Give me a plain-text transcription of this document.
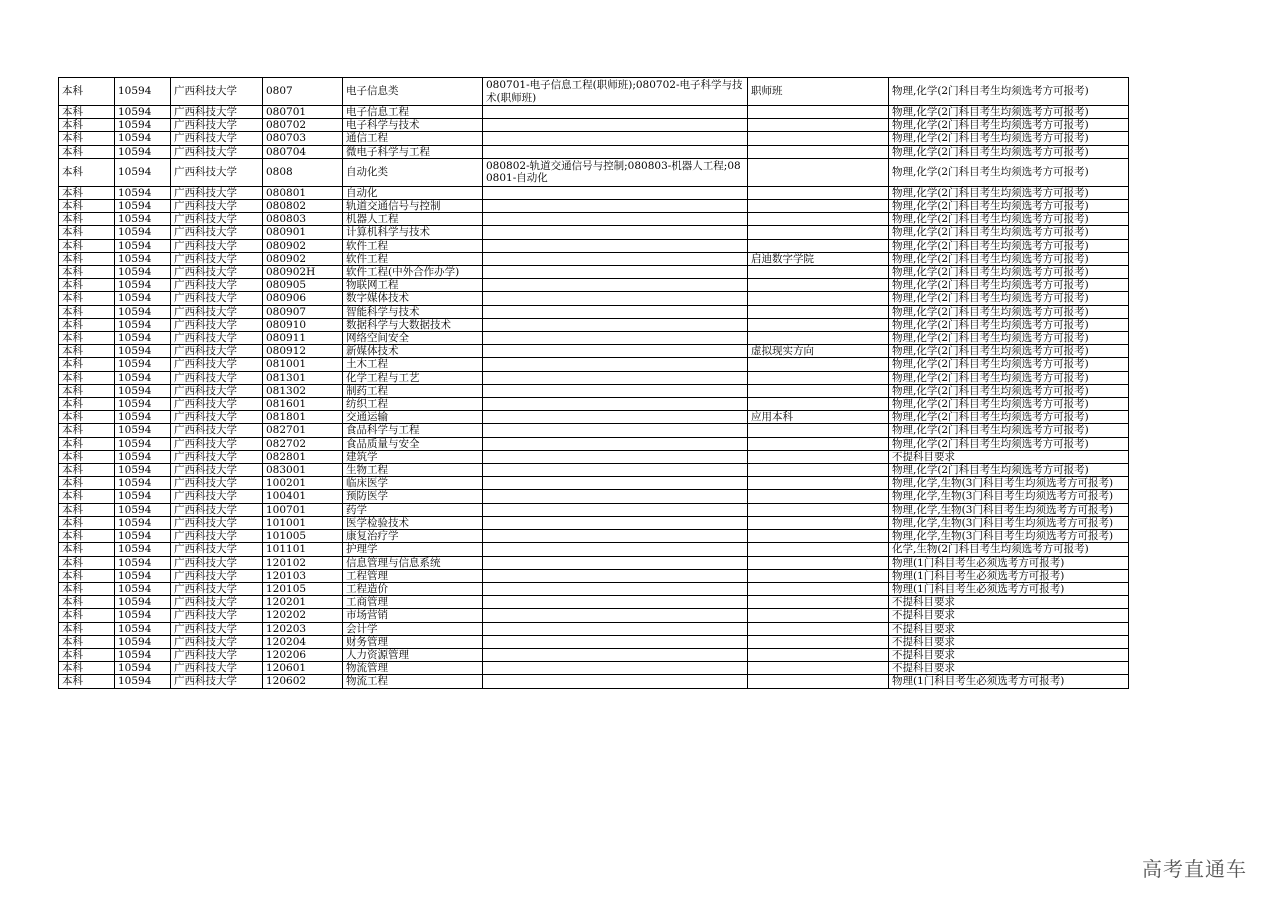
本科	10594	广西科技大学	0807	电子信息类	080701-电子信息工程(职师班);080702-电子科学与技术(职师班)	职师班	物理,化学(2门科目考生均须选考方可报考)
本科	10594	广西科技大学	080701	电子信息工程			物理,化学(2门科目考生均须选考方可报考)
本科	10594	广西科技大学	080702	电子科学与技术			物理,化学(2门科目考生均须选考方可报考)
本科	10594	广西科技大学	080703	通信工程			物理,化学(2门科目考生均须选考方可报考)
本科	10594	广西科技大学	080704	微电子科学与工程			物理,化学(2门科目考生均须选考方可报考)
本科	10594	广西科技大学	0808	自动化类	080802-轨道交通信号与控制;080803-机器人工程;080801-自动化		物理,化学(2门科目考生均须选考方可报考)
本科	10594	广西科技大学	080801	自动化			物理,化学(2门科目考生均须选考方可报考)
本科	10594	广西科技大学	080802	轨道交通信号与控制			物理,化学(2门科目考生均须选考方可报考)
本科	10594	广西科技大学	080803	机器人工程			物理,化学(2门科目考生均须选考方可报考)
本科	10594	广西科技大学	080901	计算机科学与技术			物理,化学(2门科目考生均须选考方可报考)
本科	10594	广西科技大学	080902	软件工程			物理,化学(2门科目考生均须选考方可报考)
本科	10594	广西科技大学	080902	软件工程		启迪数字学院	物理,化学(2门科目考生均须选考方可报考)
本科	10594	广西科技大学	080902H	软件工程(中外合作办学)			物理,化学(2门科目考生均须选考方可报考)
本科	10594	广西科技大学	080905	物联网工程			物理,化学(2门科目考生均须选考方可报考)
本科	10594	广西科技大学	080906	数字媒体技术			物理,化学(2门科目考生均须选考方可报考)
本科	10594	广西科技大学	080907	智能科学与技术			物理,化学(2门科目考生均须选考方可报考)
本科	10594	广西科技大学	080910	数据科学与大数据技术			物理,化学(2门科目考生均须选考方可报考)
本科	10594	广西科技大学	080911	网络空间安全			物理,化学(2门科目考生均须选考方可报考)
本科	10594	广西科技大学	080912	新媒体技术		虚拟现实方向	物理,化学(2门科目考生均须选考方可报考)
本科	10594	广西科技大学	081001	土木工程			物理,化学(2门科目考生均须选考方可报考)
本科	10594	广西科技大学	081301	化学工程与工艺			物理,化学(2门科目考生均须选考方可报考)
本科	10594	广西科技大学	081302	制药工程			物理,化学(2门科目考生均须选考方可报考)
本科	10594	广西科技大学	081601	纺织工程			物理,化学(2门科目考生均须选考方可报考)
本科	10594	广西科技大学	081801	交通运输		应用本科	物理,化学(2门科目考生均须选考方可报考)
本科	10594	广西科技大学	082701	食品科学与工程			物理,化学(2门科目考生均须选考方可报考)
本科	10594	广西科技大学	082702	食品质量与安全			物理,化学(2门科目考生均须选考方可报考)
本科	10594	广西科技大学	082801	建筑学			不提科目要求
本科	10594	广西科技大学	083001	生物工程			物理,化学(2门科目考生均须选考方可报考)
本科	10594	广西科技大学	100201	临床医学			物理,化学,生物(3门科目考生均须选考方可报考)
本科	10594	广西科技大学	100401	预防医学			物理,化学,生物(3门科目考生均须选考方可报考)
本科	10594	广西科技大学	100701	药学			物理,化学,生物(3门科目考生均须选考方可报考)
本科	10594	广西科技大学	101001	医学检验技术			物理,化学,生物(3门科目考生均须选考方可报考)
本科	10594	广西科技大学	101005	康复治疗学			物理,化学,生物(3门科目考生均须选考方可报考)
本科	10594	广西科技大学	101101	护理学			化学,生物(2门科目考生均须选考方可报考)
本科	10594	广西科技大学	120102	信息管理与信息系统			物理(1门科目考生必须选考方可报考)
本科	10594	广西科技大学	120103	工程管理			物理(1门科目考生必须选考方可报考)
本科	10594	广西科技大学	120105	工程造价			物理(1门科目考生必须选考方可报考)
本科	10594	广西科技大学	120201	工商管理			不提科目要求
本科	10594	广西科技大学	120202	市场营销			不提科目要求
本科	10594	广西科技大学	120203	会计学			不提科目要求
本科	10594	广西科技大学	120204	财务管理			不提科目要求
本科	10594	广西科技大学	120206	人力资源管理			不提科目要求
本科	10594	广西科技大学	120601	物流管理			不提科目要求
本科	10594	广西科技大学	120602	物流工程			物理(1门科目考生必须选考方可报考)
高考直通车
